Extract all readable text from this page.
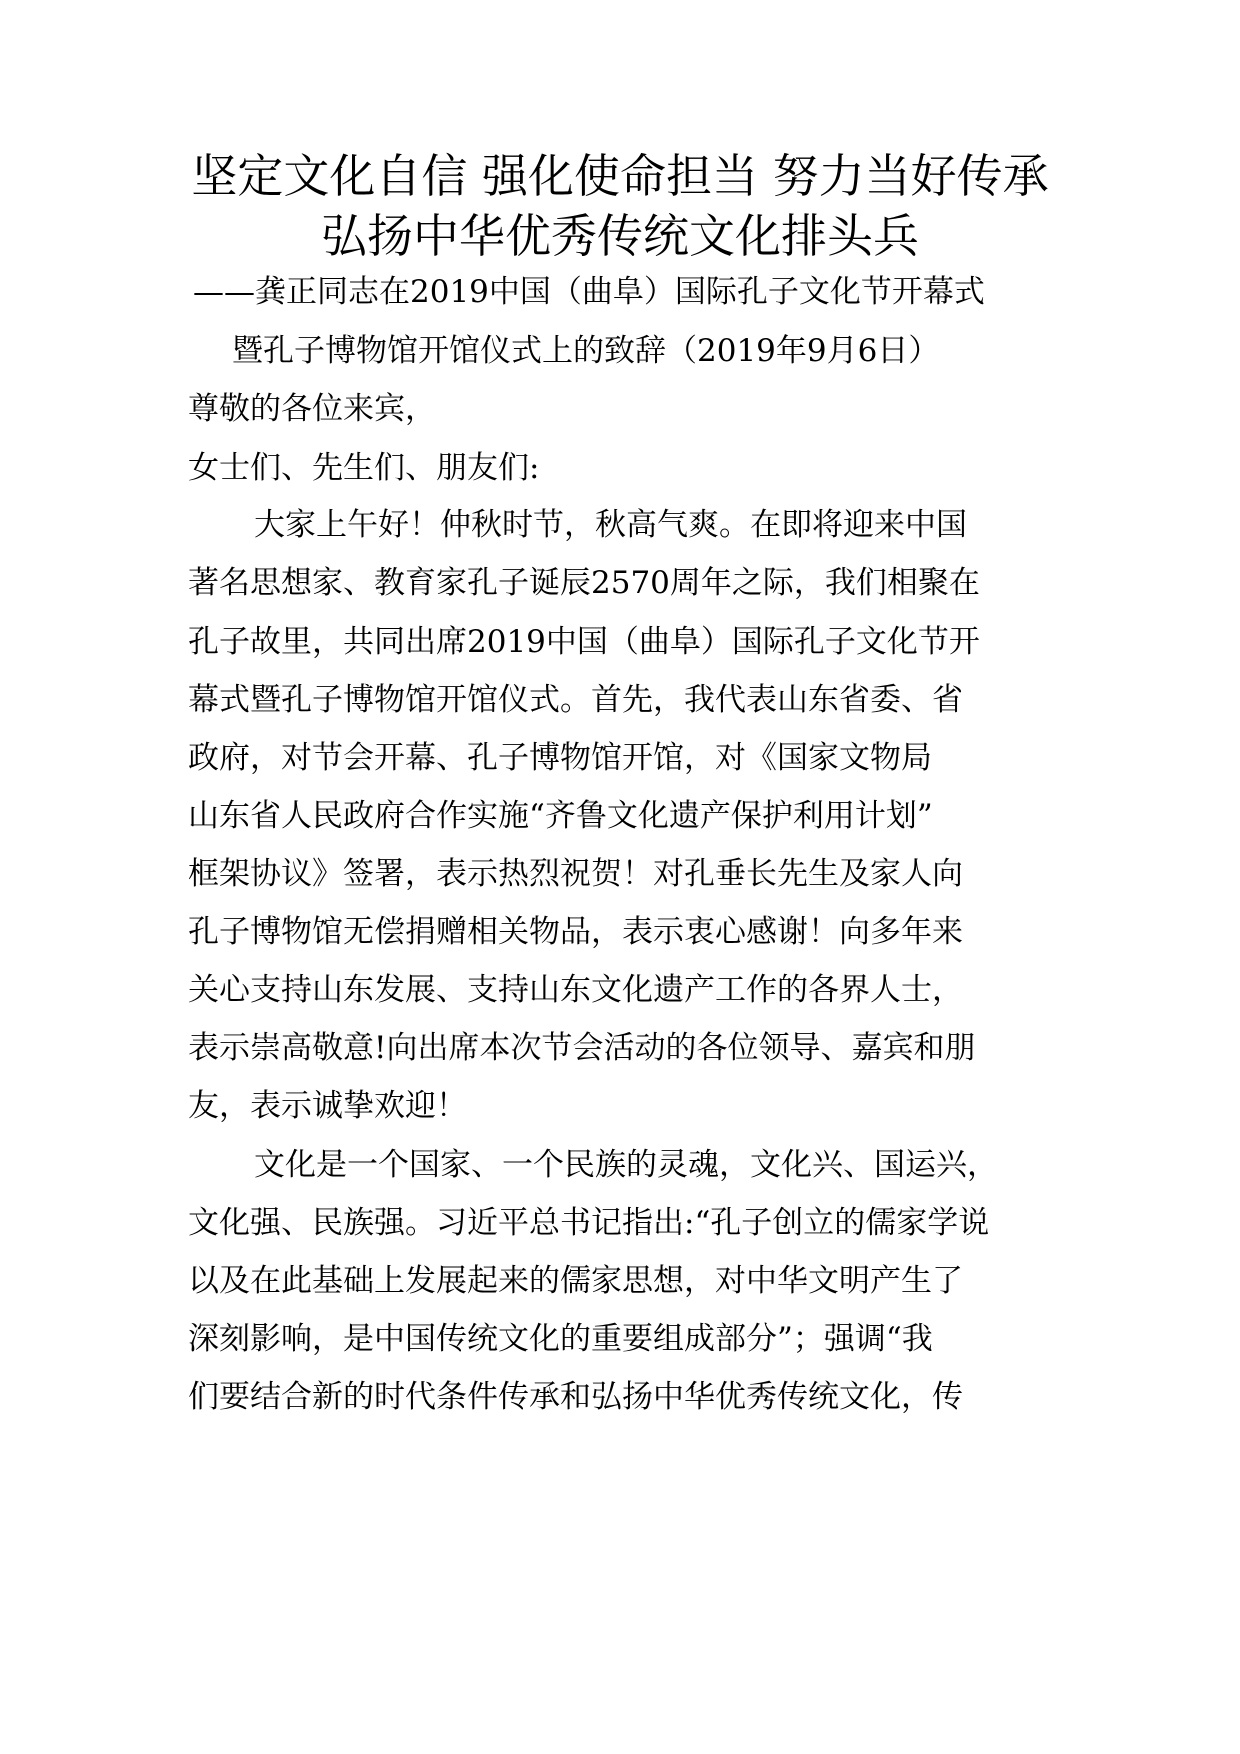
坚定文化自信 强化使命担当 努力当好传承
弘扬中华优秀传统文化排头兵
——龚正同志在2019中国（曲阜）国际孔子文化节开幕式
暨孔子博物馆开馆仪式上的致辞（2019年9月6日）
尊敬的各位来宾，
女士们、先生们、朋友们:
大家上午好！仲秋时节，秋高气爽。在即将迎来中国
著名思想家、教育家孔子诞辰2570周年之际，我们相聚在
孔子故里，共同出席2019中国（曲阜）国际孔子文化节开
幕式暨孔子博物馆开馆仪式。首先，我代表山东省委、省
政府，对节会开幕、孔子博物馆开馆，对《国家文物局
山东省人民政府合作实施“齐鲁文化遗产保护利用计划”
框架协议》签署，表示热烈祝贺！对孔垂长先生及家人向
孔子博物馆无偿捐赠相关物品，表示衷心感谢！向多年来
关心支持山东发展、支持山东文化遗产工作的各界人士，
表示崇高敬意!向出席本次节会活动的各位领导、嘉宾和朋
友，表示诚挚欢迎！
文化是一个国家、一个民族的灵魂，文化兴、国运兴，
文化强、民族强。习近平总书记指出:“孔子创立的儒家学说
以及在此基础上发展起来的儒家思想，对中华文明产生了
深刻影响，是中国传统文化的重要组成部分”；强调“我
们要结合新的时代条件传承和弘扬中华优秀传统文化，传
